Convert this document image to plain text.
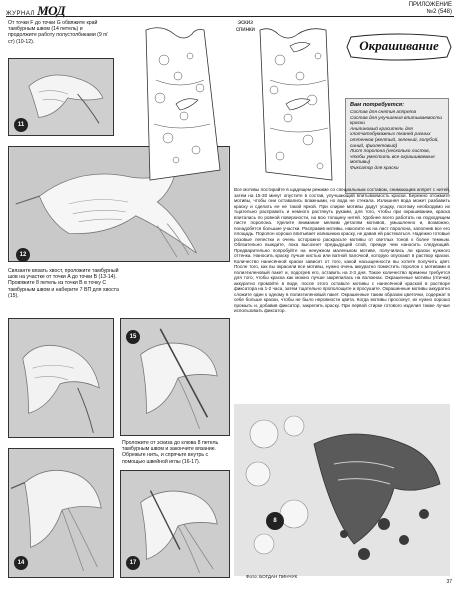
ЖУРНАЛ МОД	ПРИЛОЖЕНИЕ
№2 (548)
От точки F до точки G обвяжите край тамбурным швом (14 петель) и продолжите работу полустолбиками (9 п/ст) (10-12).
11
12
Связанте вязать хвост, проложите тамбурный шов на участке от точки A до точки B (13-14). Провяжите 8 петель из точки B в точку C тамбурным швом и наберите 7 ВП для хвоста (15).
14
15
Проложите от эскиза до клюва 8 петель тамбурным швом и закончите вязание. Обрежьте нить, и спрячьте внутрь с помощью швейной иглы (16-17).
17
эскиз
спинки
Окрашивание
Вам потребуется:
Состав для снятия аппрета
Состав для улучшения впитываемости краски
Анилиновый краситель для хлопчатобумажных тканей разных оттенков (желтый, зеленый, голубой, синий, фиолетовый)
Лист поролона (несколько листов, чтобы уместить все окрашиваемые мотивы)
Фиксатор для краски
Все мотивы постирайте в щадящем режиме со специальным составом, снимающим аппрет с нитей, затем на 15-30 минут опустите в состав, улучшающий впитываемость краски. Бережно отожмите мотивы, чтобы они оставались влажными, но вода не стекала. Излишняя вода может разбавить краску и сделать ее не такой яркой. При спирке мотивы дадут усадку, поэтому необходимо их тщательно расправить и немного растянуть руками, для того, чтобы при окрашивании, краска впиталась по ровной поверхности, на всю толщину нитей. Удобнее всего работать на подходящем листе поролона. Уделите внимание мелким деталям мотивов, умышленно и, возможно, понадобятся большие участки. Расправив мотивы, наколите их на лист поролона, заполнив все его площадь. Поролон хорошо впитывает излишнюю краску, не давая ей растекаться. Надежно готовые розовые лепестки и очень осторожно раскрасьте мотивы от светлых тонов к более темным. Обязательно выждите, пока высохнет предыдущий слой, прежде чем наносить следующий. Предварительно попробуйте на ненужном маленьком мотиве, получились ли краски нужного оттенка. Наносить краску лучше кистью или ватной палочкой, которую опускают в раствор краски. Количество нанесённой краски зависит от того, какой насыщенности вы хотите получить цвет. После того, как вы окрасили все мотивы, нужно очень аккуратно поместить поролон с мотивами в полиэтиленовый пакет и, подогрев его, оставить на 2-3 дня. Такое количество времени требуется для того, чтобы краска как можно лучше закрепилась на волокнах. Окрашенные мотивы (птички) аккуратно промойте в воде, после этого оставьте мотивы с нанесённой краской в растворе фиксатора на 1-2 часа, затем тщательно прополощите и просушите. Окрашенные мотивы аккуратно сложите один к одному в полиэтиленовый пакет. Окрашенные таким образом цветочки, содержат в себе больше краски, чтобы не было неровности цвета. Когда мотивы просохнут, их нужно хорошо промыть и, добавив фиксатор, закрепить краску. При первой стирке готового изделия также лучше использовать фиксатор.
8
Фото: БОГДАН ПИНЧУК
37
